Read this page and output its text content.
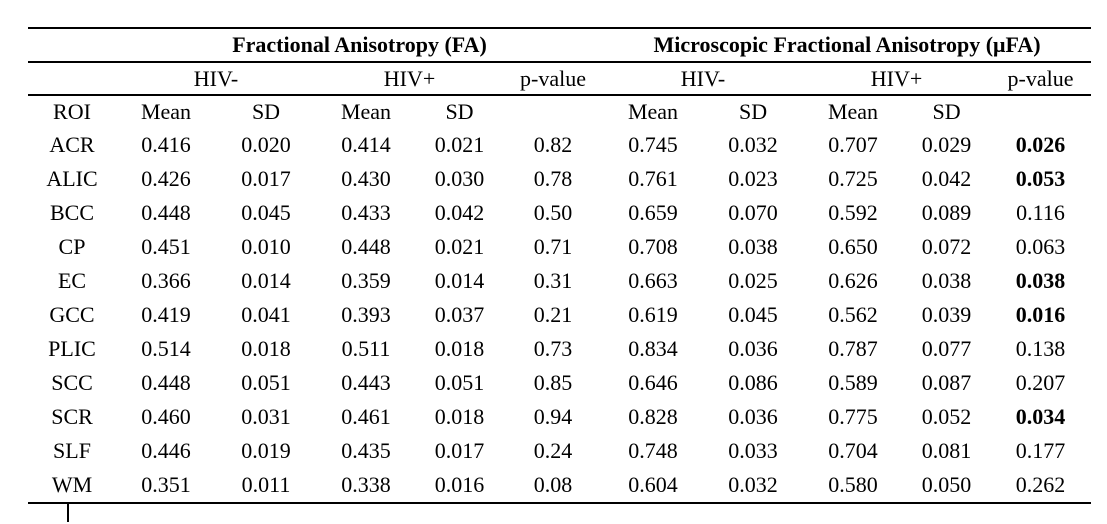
	Fractional Anisotropy (FA)					Microscopic Fractional Anisotropy (μFA)				
	HIV-		HIV+		p-value	HIV-		HIV+		p-value
ROI	Mean	SD	Mean	SD		Mean	SD	Mean	SD	
ACR	0.416	0.020	0.414	0.021	0.82	0.745	0.032	0.707	0.029	0.026
ALIC	0.426	0.017	0.430	0.030	0.78	0.761	0.023	0.725	0.042	0.053
BCC	0.448	0.045	0.433	0.042	0.50	0.659	0.070	0.592	0.089	0.116
CP	0.451	0.010	0.448	0.021	0.71	0.708	0.038	0.650	0.072	0.063
EC	0.366	0.014	0.359	0.014	0.31	0.663	0.025	0.626	0.038	0.038
GCC	0.419	0.041	0.393	0.037	0.21	0.619	0.045	0.562	0.039	0.016
PLIC	0.514	0.018	0.511	0.018	0.73	0.834	0.036	0.787	0.077	0.138
SCC	0.448	0.051	0.443	0.051	0.85	0.646	0.086	0.589	0.087	0.207
SCR	0.460	0.031	0.461	0.018	0.94	0.828	0.036	0.775	0.052	0.034
SLF	0.446	0.019	0.435	0.017	0.24	0.748	0.033	0.704	0.081	0.177
WM	0.351	0.011	0.338	0.016	0.08	0.604	0.032	0.580	0.050	0.262
